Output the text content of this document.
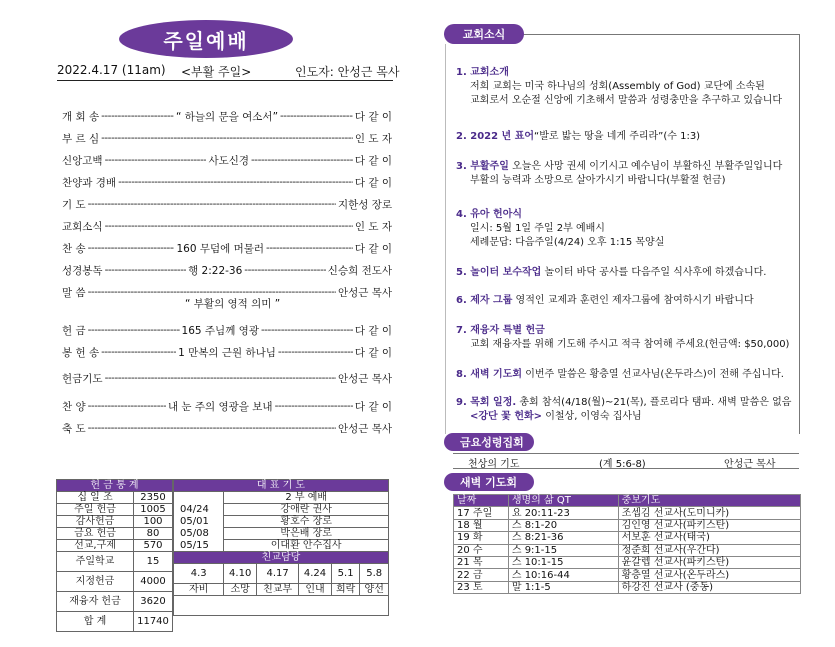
주일예배
2022.4.17 (11am) <부활 주일>	인도자: 안성근 목사
개 회 송 -----	“ 하늘의 문을 여소서” -----	다 같 이
부 르 심 -----	인 도 자
신앙고백 -----	사도신경 -----	다 같 이
찬양과 경배 -----	다 같 이
기 도 -----	지한성 장로
교회소식 -----	인 도 자
찬 송 -----	160 무덤에 머물러 -----	다 같 이
성경봉독 -----	행 2:22-36 -----	신승희 전도사
말 씀 -----	안성근 목사
헌 금 -----	165 주님께 영광 -----	다 같 이
봉 헌 송 -----	1 만복의 근원 하나님 -----	다 같 이
헌금기도 -----	안성근 목사
찬 양 -----	내 눈 주의 영광을 보내 -----	다 같 이
축 도 -----	안성근 목사
“ 부활의 영적 의미 ”
헌 금 통 계	
십 일 조	2350
주일 헌금	1005
감사헌금	100
금요 헌금	80
선교,구제	570
주일학교	15
지정헌금	4000
재융자 헌금	3620
합 계	11740
대 표 기 도					
	2 부 예배				
04/24	강애란 권사				
05/01	황호수 장로				
05/08	박은배 장로				
05/15	이대환 안수집사				
친교담당					
4.3	4.10	4.17	4.24	5.1	5.8
자비	소망	친교부	인내	희락	양선

교회소식
1. 교회소개
저희 교회는 미국 하나님의 성회(Assembly of God) 교단에 소속된
교회로서 오순절 신앙에 기초해서 말씀과 성령충만을 추구하고 있습니다
2. 2022 년 표어“발로 밟는 땅을 네게 주리라”(수 1:3)
3. 부활주일 오늘은 사망 권세 이기시고 예수님이 부활하신 부활주일입니다
부활의 능력과 소망으로 살아가시기 바랍니다(부활절 헌금)
4. 유아 헌아식
일시: 5월 1일 주일 2부 예배시
세례문답: 다음주일(4/24) 오후 1:15 목양실
5. 놀이터 보수작업 놀이터 바닥 공사를 다음주일 식사후에 하겠습니다.
6. 제자 그룹 영적인 교제과 훈련인 제자그룹에 참여하시기 바랍니다
7. 재융자 특별 헌금
교회 재융자를 위해 기도해 주시고 적극 참여해 주세요(헌금액: $50,000)
8. 새벽 기도회 이번주 말씀은 황층열 선교사님(온두라스)이 전해 주십니다.
9. 목회 일정. 총회 참석(4/18(월)~21(목), 플로리다 탬파. 새벽 말씀은 없음
<강단 꽃 헌화> 이철상, 이영숙 집사님
금요성령집회
천상의 기도	(계 5:6-8)	안성근 목사
새벽 기도회
날짜	생명의 삶 QT	중보기도
17 주일	요 20:11-23	조셉김 선교사(도미니카)
18 월	스 8:1-20	김인영 선교사(파키스탄)
19 화	스 8:21-36	서보훈 선교사(태국)
20 수	스 9:1-15	정준희 선교사(우간다)
21 목	스 10:1-15	윤갈렙 선교사(파키스탄)
22 금	스 10:16-44	황층열 선교사(온두라스)
23 토	말 1:1-5	하강진 선교사 (중동)
